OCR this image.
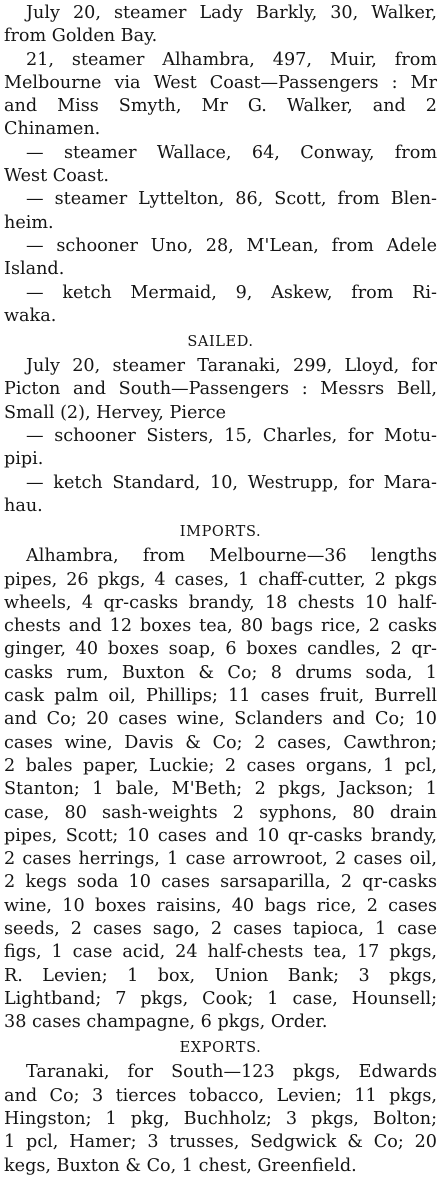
July 20, steamer Lady Barkly, 30, Walker,
from Golden Bay.
21, steamer Alhambra, 497, Muir, from
Melbourne via West Coast—Passengers : Mr
and Miss Smyth, Mr G. Walker, and 2
Chinamen.
— steamer Wallace, 64, Conway, from
West Coast.
— steamer Lyttelton, 86, Scott, from Blen-
heim.
— schooner Uno, 28, M'Lean, from Adele
Island.
— ketch Mermaid, 9, Askew, from Ri-
waka.
SAILED.
July 20, steamer Taranaki, 299, Lloyd, for
Picton and South—Passengers : Messrs Bell,
Small (2), Hervey, Pierce
— schooner Sisters, 15, Charles, for Motu-
pipi.
— ketch Standard, 10, Westrupp, for Mara-
hau.
IMPORTS.
Alhambra, from Melbourne—36 lengths
pipes, 26 pkgs, 4 cases, 1 chaff-cutter, 2 pkgs
wheels, 4 qr-casks brandy, 18 chests 10 half-
chests and 12 boxes tea, 80 bags rice, 2 casks
ginger, 40 boxes soap, 6 boxes candles, 2 qr-
casks rum, Buxton & Co; 8 drums soda, 1
cask palm oil, Phillips; 11 cases fruit, Burrell
and Co; 20 cases wine, Sclanders and Co; 10
cases wine, Davis & Co; 2 cases, Cawthron;
2 bales paper, Luckie; 2 cases organs, 1 pcl,
Stanton; 1 bale, M'Beth; 2 pkgs, Jackson; 1
case, 80 sash-weights 2 syphons, 80 drain
pipes, Scott; 10 cases and 10 qr-casks brandy,
2 cases herrings, 1 case arrowroot, 2 cases oil,
2 kegs soda 10 cases sarsaparilla, 2 qr-casks
wine, 10 boxes raisins, 40 bags rice, 2 cases
seeds, 2 cases sago, 2 cases tapioca, 1 case
figs, 1 case acid, 24 half-chests tea, 17 pkgs,
R. Levien; 1 box, Union Bank; 3 pkgs,
Lightband; 7 pkgs, Cook; 1 case, Hounsell;
38 cases champagne, 6 pkgs, Order.
EXPORTS.
Taranaki, for South—123 pkgs, Edwards
and Co; 3 tierces tobacco, Levien; 11 pkgs,
Hingston; 1 pkg, Buchholz; 3 pkgs, Bolton;
1 pcl, Hamer; 3 trusses, Sedgwick & Co; 20
kegs, Buxton & Co, 1 chest, Greenfield.
